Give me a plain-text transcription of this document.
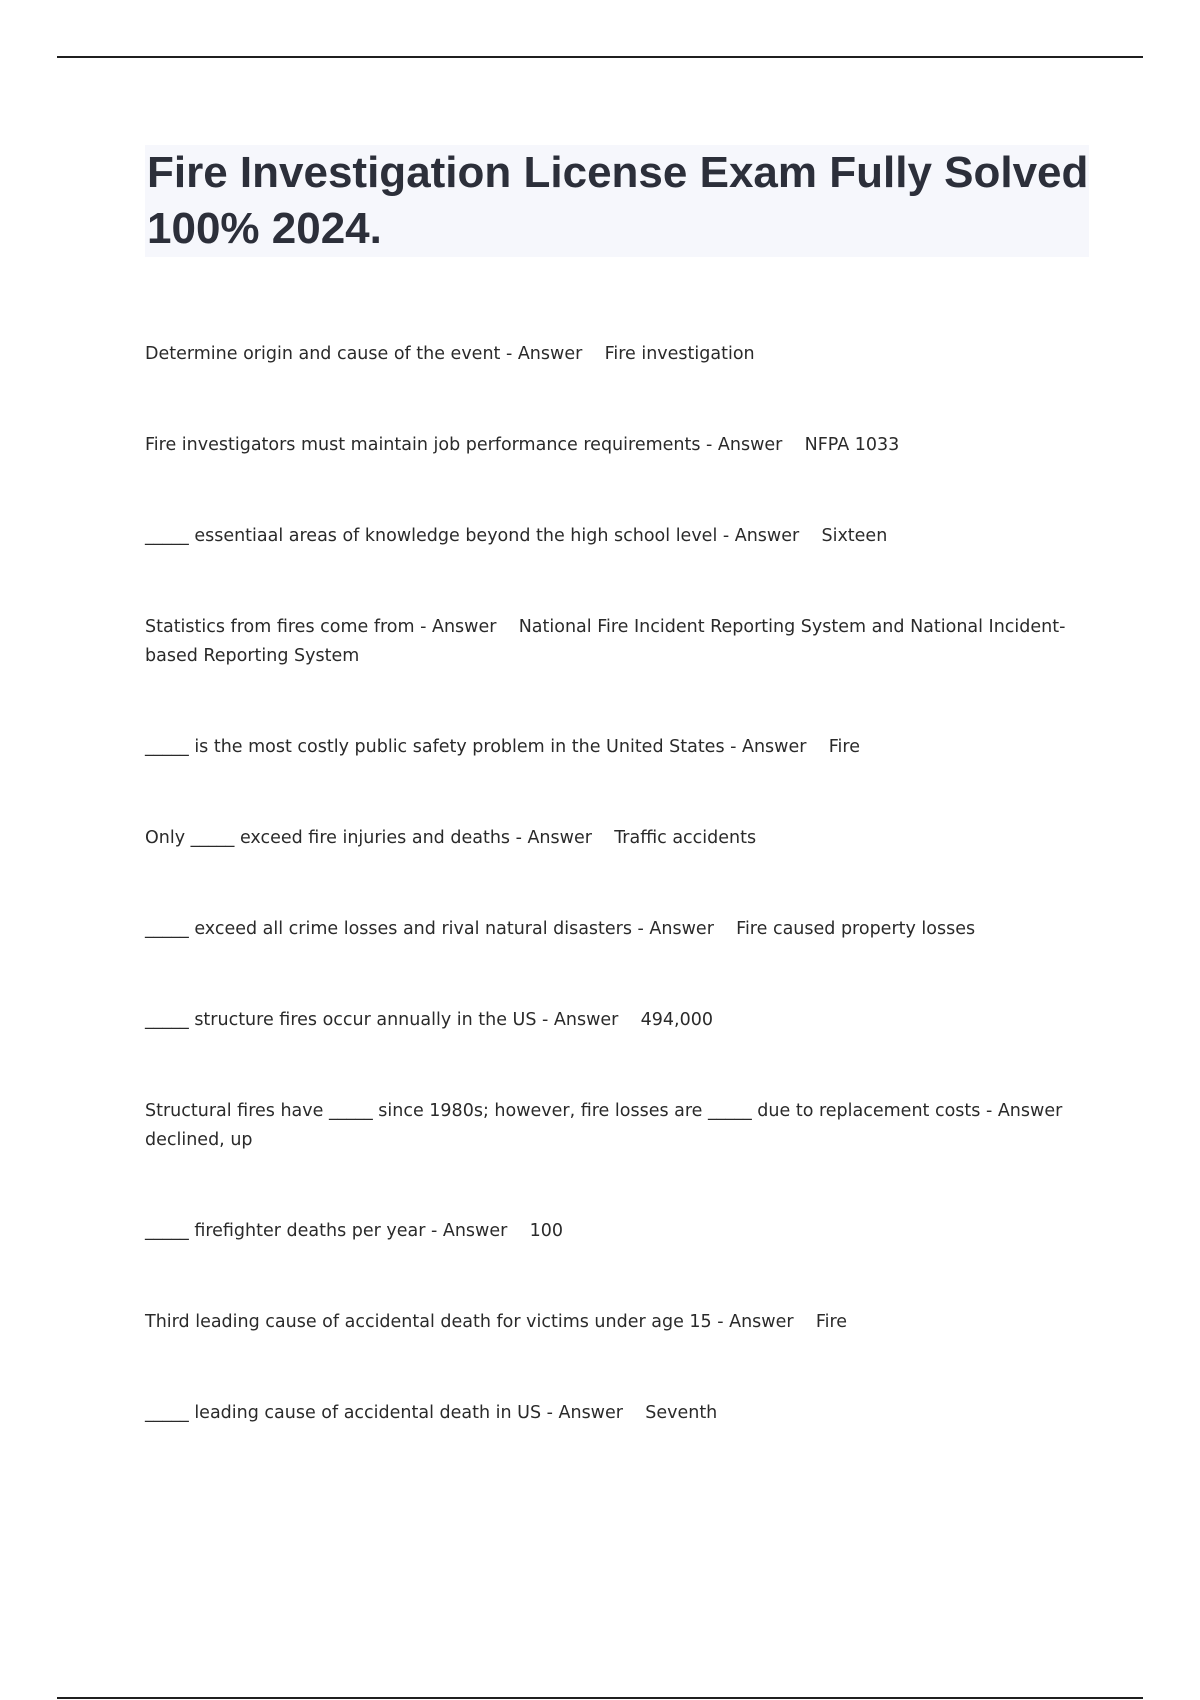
Fire Investigation License Exam Fully Solved 100% 2024.

Determine origin and cause of the event - Answer Fire investigation

Fire investigators must maintain job performance requirements - Answer NFPA 1033

_____ essentiaal areas of knowledge beyond the high school level - Answer Sixteen

Statistics from fires come from - Answer National Fire Incident Reporting System and National Incident-based Reporting System

_____ is the most costly public safety problem in the United States - Answer Fire

Only _____ exceed fire injuries and deaths - Answer Traffic accidents

_____ exceed all crime losses and rival natural disasters - Answer Fire caused property losses

_____ structure fires occur annually in the US - Answer 494,000

Structural fires have _____ since 1980s; however, fire losses are _____ due to replacement costs - Answer    declined, up

_____ firefighter deaths per year - Answer 100

Third leading cause of accidental death for victims under age 15 - Answer Fire

_____ leading cause of accidental death in US - Answer Seventh
